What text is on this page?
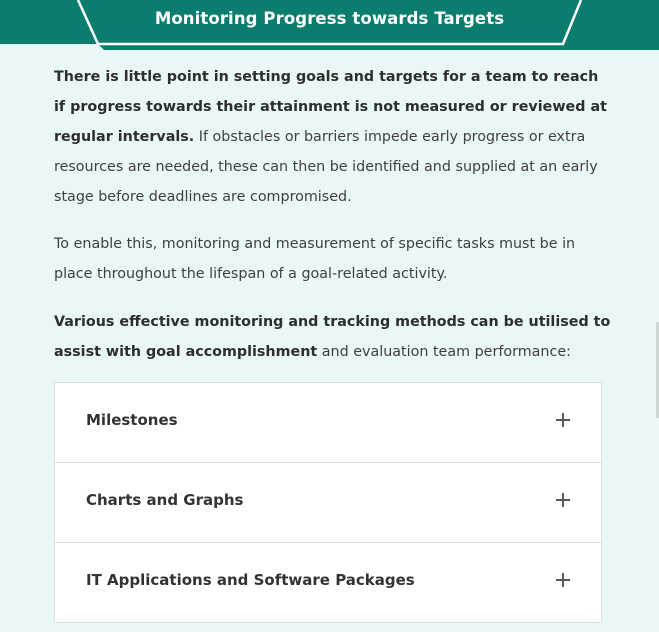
Monitoring Progress towards Targets

There is little point in setting goals and targets for a team to reach if progress towards their attainment is not measured or reviewed at regular intervals. If obstacles or barriers impede early progress or extra resources are needed, these can then be identified and supplied at an early stage before deadlines are compromised.

To enable this, monitoring and measurement of specific tasks must be in place throughout the lifespan of a goal-related activity.

Various effective monitoring and tracking methods can be utilised to assist with goal accomplishment and evaluation team performance:

Milestones
Charts and Graphs
IT Applications and Software Packages
